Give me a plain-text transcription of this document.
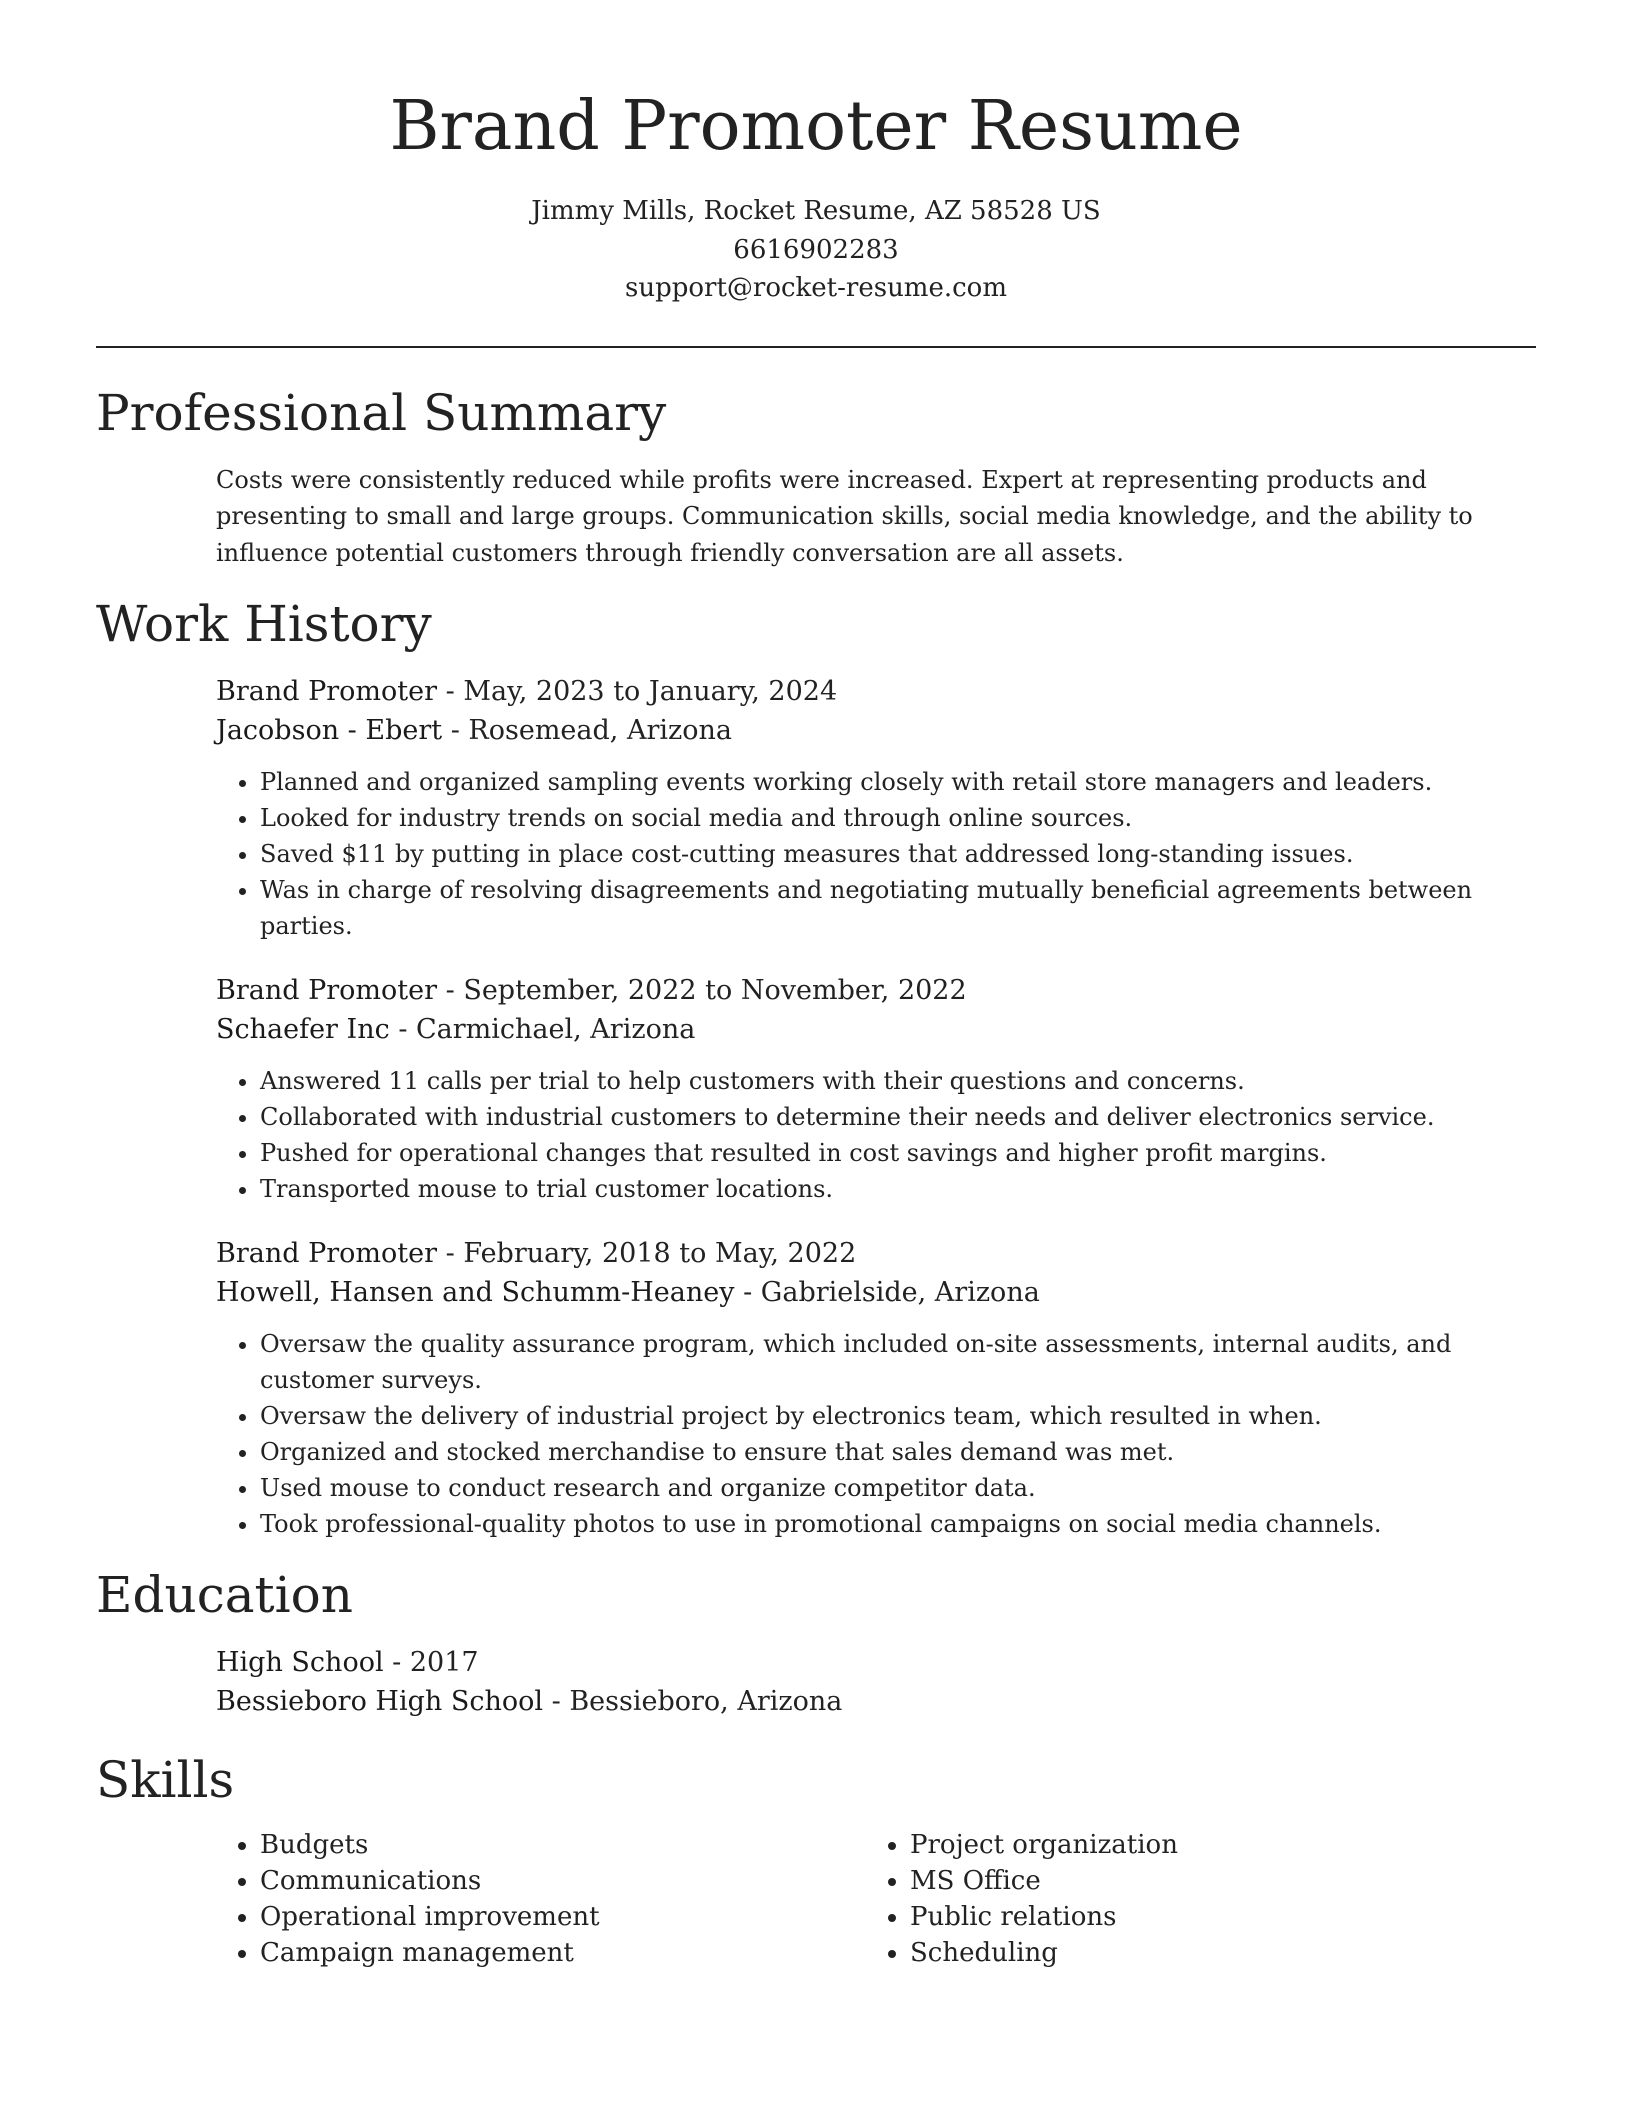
Brand Promoter Resume
Jimmy Mills, Rocket Resume, AZ 58528 US
6616902283
support@rocket-resume.com
Professional Summary

Costs were consistently reduced while profits were increased. Expert at representing products and presenting to small and large groups. Communication skills, social media knowledge, and the ability to influence potential customers through friendly conversation are all assets.

Work History
Brand Promoter - May, 2023 to January, 2024
Jacobson - Ebert - Rosemead, Arizona
• Planned and organized sampling events working closely with retail store managers and leaders.
• Looked for industry trends on social media and through online sources.
• Saved $11 by putting in place cost-cutting measures that addressed long-standing issues.
• Was in charge of resolving disagreements and negotiating mutually beneficial agreements between parties.
Brand Promoter - September, 2022 to November, 2022
Schaefer Inc - Carmichael, Arizona
• Answered 11 calls per trial to help customers with their questions and concerns.
• Collaborated with industrial customers to determine their needs and deliver electronics service.
• Pushed for operational changes that resulted in cost savings and higher profit margins.
• Transported mouse to trial customer locations.
Brand Promoter - February, 2018 to May, 2022
Howell, Hansen and Schumm-Heaney - Gabrielside, Arizona
• Oversaw the quality assurance program, which included on-site assessments, internal audits, and customer surveys.
• Oversaw the delivery of industrial project by electronics team, which resulted in when.
• Organized and stocked merchandise to ensure that sales demand was met.
• Used mouse to conduct research and organize competitor data.
• Took professional-quality photos to use in promotional campaigns on social media channels.
Education
High School - 2017
Bessieboro High School - Bessieboro, Arizona
Skills
• Budgets
• Communications
• Operational improvement
• Campaign management
• Project organization
• MS Office
• Public relations
• Scheduling
